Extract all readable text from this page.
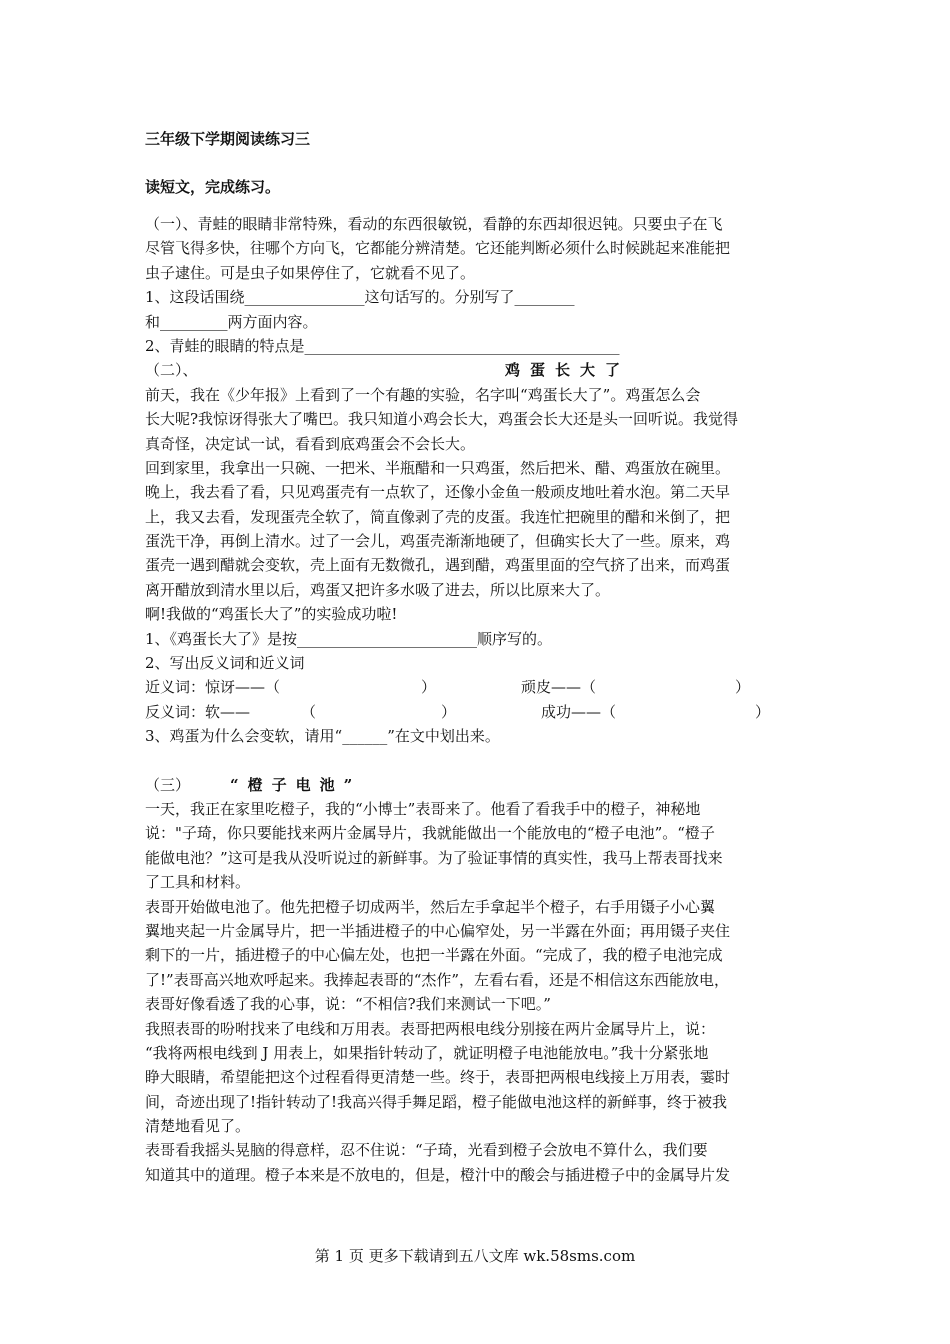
三年级下学期阅读练习三

读短文，完成练习。

（一）、青蛙的眼睛非常特殊，看动的东西很敏锐，看静的东西却很迟钝。只要虫子在飞

尽管飞得多快，往哪个方向飞，它都能分辨清楚。它还能判断必须什么时候跳起来准能把

虫子逮住。可是虫子如果停住了，它就看不见了。

1、这段话围绕________________这句话写的。分别写了________

和_________两方面内容。

2、青蛙的眼睛的特点是__________________________________________

（二）、	鸡蛋长大了

前天，我在《少年报》上看到了一个有趣的实验，名字叫“鸡蛋长大了”。鸡蛋怎么会

长大呢?我惊讶得张大了嘴巴。我只知道小鸡会长大，鸡蛋会长大还是头一回听说。我觉得

真奇怪，决定试一试，看看到底鸡蛋会不会长大。

回到家里，我拿出一只碗、一把米、半瓶醋和一只鸡蛋，然后把米、醋、鸡蛋放在碗里。

晚上，我去看了看，只见鸡蛋壳有一点软了，还像小金鱼一般顽皮地吐着水泡。第二天早

上，我又去看，发现蛋壳全软了，简直像剥了壳的皮蛋。我连忙把碗里的醋和米倒了，把

蛋洗干净，再倒上清水。过了一会儿，鸡蛋壳渐渐地硬了，但确实长大了一些。原来，鸡

蛋壳一遇到醋就会变软，壳上面有无数微孔，遇到醋，鸡蛋里面的空气挤了出来，而鸡蛋

离开醋放到清水里以后，鸡蛋又把许多水吸了进去，所以比原来大了。

啊!我做的“鸡蛋长大了”的实验成功啦!

1、《鸡蛋长大了》是按________________________顺序写的。

2、写出反义词和近义词

近义词：惊讶——（	）	顽皮——（	）

反义词：软——	（	）	成功——（	）

3、鸡蛋为什么会变软，请用“______”在文中划出来。

（三）	“橙子电池”

一天，我正在家里吃橙子，我的“小博士”表哥来了。他看了看我手中的橙子，神秘地

说："子琦，你只要能找来两片金属导片，我就能做出一个能放电的“橙子电池”。“橙子

能做电池？”这可是我从没听说过的新鲜事。为了验证事情的真实性，我马上帮表哥找来

了工具和材料。

表哥开始做电池了。他先把橙子切成两半，然后左手拿起半个橙子，右手用镊子小心翼

翼地夹起一片金属导片，把一半插进橙子的中心偏窄处，另一半露在外面；再用镊子夹住

剩下的一片，插进橙子的中心偏左处，也把一半露在外面。“完成了，我的橙子电池完成

了!”表哥高兴地欢呼起来。我捧起表哥的“杰作”，左看右看，还是不相信这东西能放电，

表哥好像看透了我的心事，说：“不相信?我们来测试一下吧。”

我照表哥的吩咐找来了电线和万用表。表哥把两根电线分别接在两片金属导片上，说：

“我将两根电线到 J 用表上，如果指针转动了，就证明橙子电池能放电。”我十分紧张地

睁大眼睛，希望能把这个过程看得更清楚一些。终于，表哥把两根电线接上万用表，霎时

间，奇迹出现了!指针转动了!我高兴得手舞足蹈，橙子能做电池这样的新鲜事，终于被我

清楚地看见了。

表哥看我摇头晃脑的得意样，忍不住说：“子琦，光看到橙子会放电不算什么，我们要

知道其中的道理。橙子本来是不放电的，但是，橙汁中的酸会与插进橙子中的金属导片发

第 1 页 更多下载请到五八文库 wk.58sms.com
